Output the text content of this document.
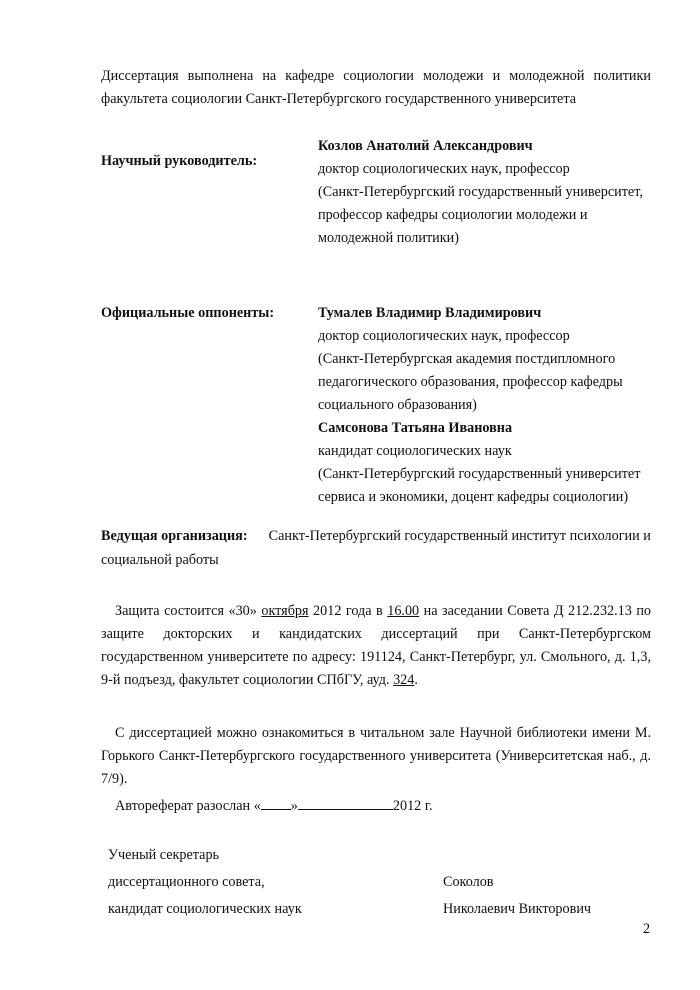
Диссертация выполнена на кафедре социологии молодежи и молодежной политики
факультета социологии Санкт-Петербургского государственного университета
Научный руководитель:
Козлов Анатолий Александрович
доктор социологических наук, профессор
(Санкт-Петербургский государственный университет,
профессор кафедры социологии молодежи и
молодежной политики)
Официальные оппоненты:	Тумалев Владимир Владимирович
доктор социологических наук, профессор
(Санкт-Петербургская академия постдипломного
педагогического образования, профессор кафедры
социального образования)
Самсонова Татьяна Ивановна
кандидат социологических наук
(Санкт-Петербургский государственный университет
сервиса и экономики, доцент кафедры социологии)
Ведущая организация: Санкт-Петербургский государственный институт психологии и
социальной работы
Защита состоится «30» октября 2012 года в 16.00 на заседании Совета Д 212.232.13 по
защите докторских и кандидатских диссертаций при Санкт-Петербургском
государственном университете по адресу: 191124, Санкт-Петербург, ул. Смольного, д. 1,3,
9-й подъезд, факультет социологии СПбГУ, ауд. 324.
С диссертацией можно ознакомиться в читальном зале Научной библиотеки имени М.
Горького Санкт-Петербургского государственного университета (Университетская наб., д.
7/9).
Автореферат разослан « »	2012 г.
Ученый секретарь
диссертационного совета,
кандидат социологических наук
Соколов
Николаевич Викторович
2
